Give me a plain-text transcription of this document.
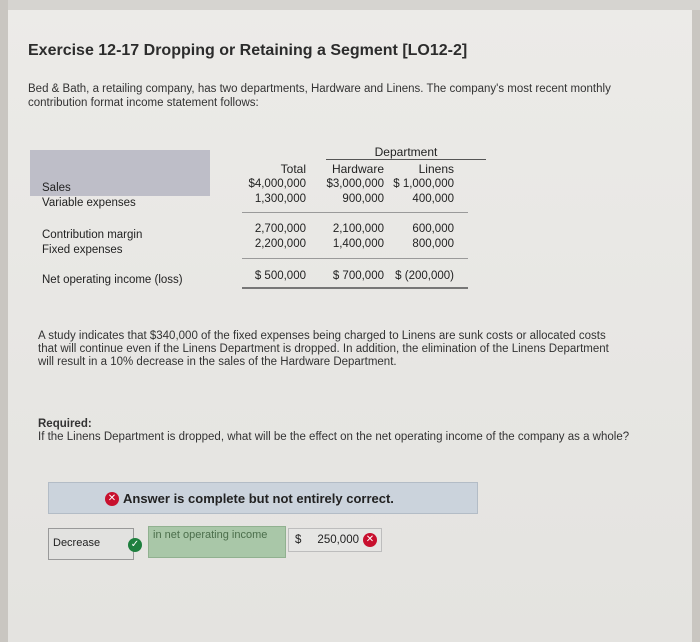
Exercise 12-17 Dropping or Retaining a Segment [LO12-2]
Bed & Bath, a retailing company, has two departments, Hardware and Linens. The company's most recent monthly contribution format income statement follows:
Department
Total	Hardware	Linens
Sales	$4,000,000	$3,000,000 $ 1,000,000
Variable expenses	1,300,000	900,000	400,000
Contribution margin	2,700,000	2,100,000	600,000
Fixed expenses	2,200,000	1,400,000	800,000
Net operating income (loss)	$ 500,000	$ 700,000 $ (200,000)
A study indicates that $340,000 of the fixed expenses being charged to Linens are sunk costs or allocated costs that will continue even if the Linens Department is dropped. In addition, the elimination of the Linens Department will result in a 10% decrease in the sales of the Hardware Department.
Required:
If the Linens Department is dropped, what will be the effect on the net operating income of the company as a whole?
✕ Answer is complete but not entirely correct.
Decrease	✓
in net operating income	$ 250,000 ✕
